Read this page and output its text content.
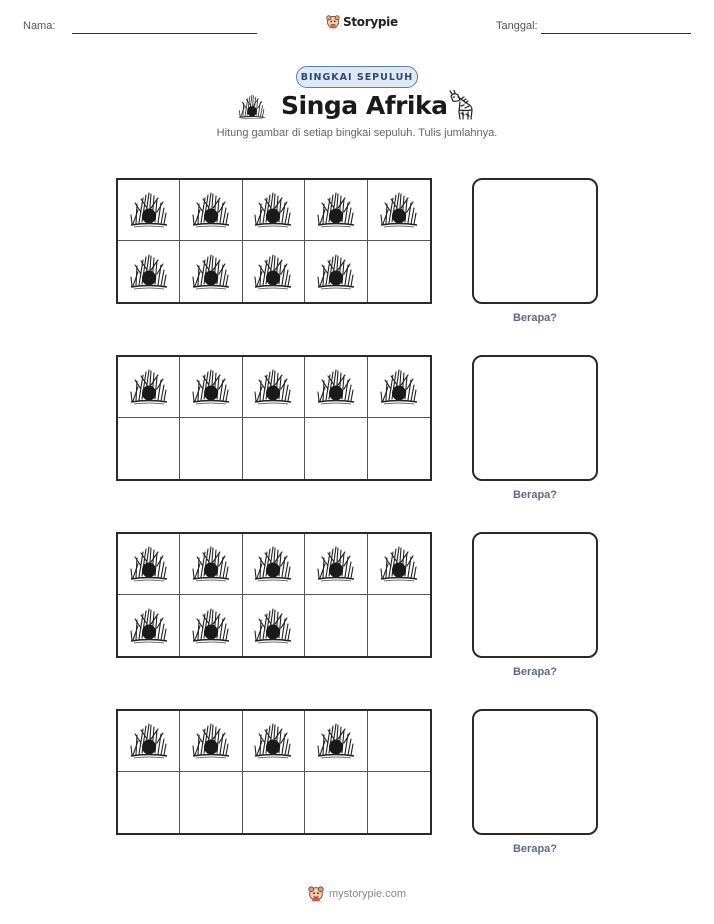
Nama:	Storypie	Tanggal:
BINGKAI SEPULUH
Singa Afrika
Hitung gambar di setiap bingkai sepuluh. Tulis jumlahnya.
Berapa?
Berapa?
Berapa?
Berapa?
mystorypie.com
